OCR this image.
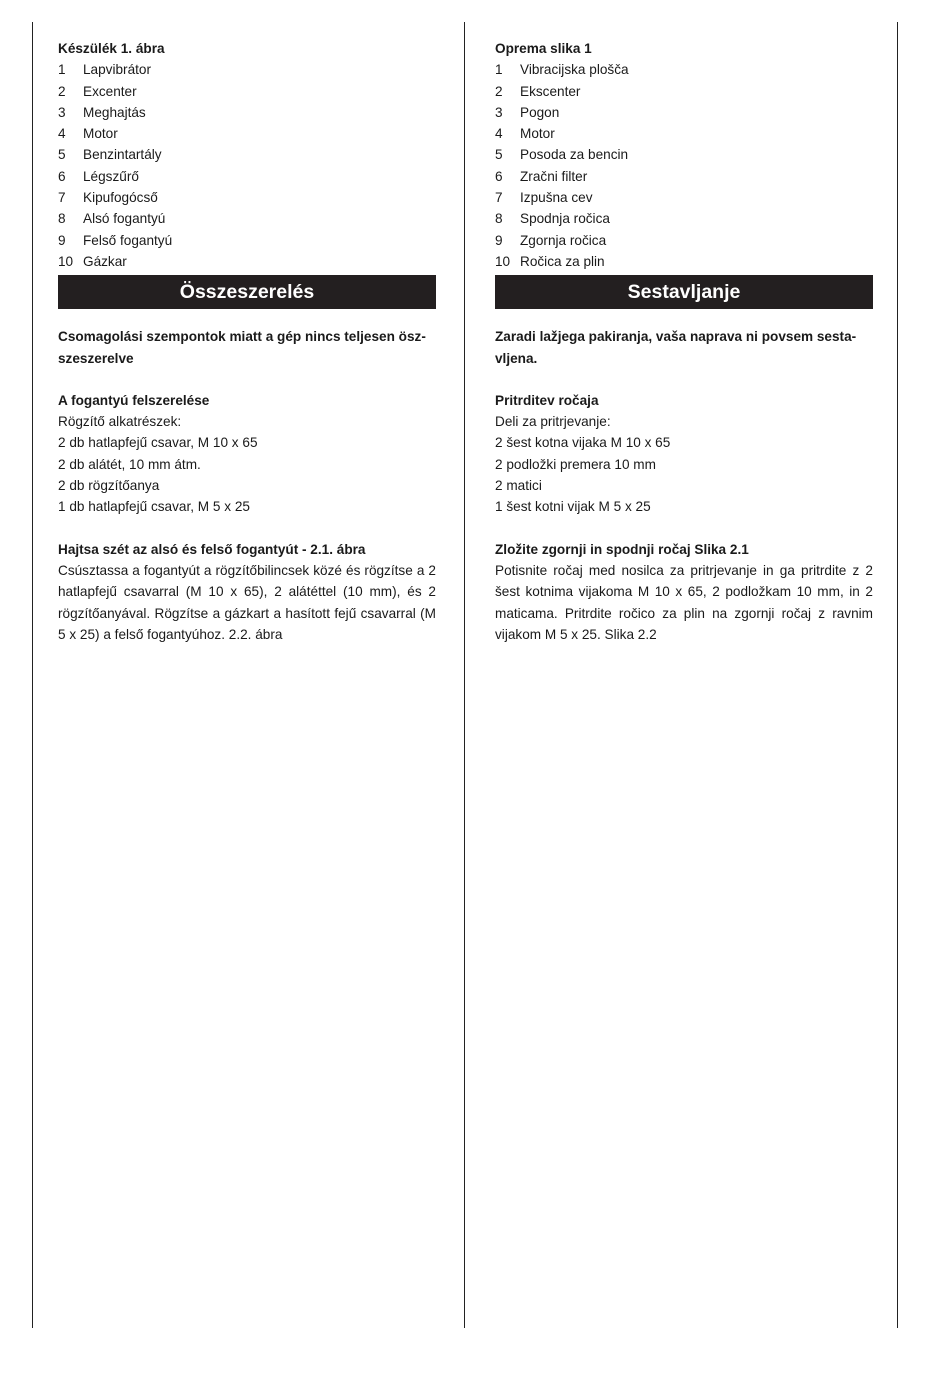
Készülék 1. ábra
1	Lapvibrátor
2	Excenter
3	Meghajtás
4	Motor
5	Benzintartály
6	Légszűrő
7	Kipufogócső
8	Alsó fogantyú
9	Felső fogantyú
10 Gázkar
Összeszerelés
Csomagolási szempontok miatt a gép nincs teljesen ösz-
szeszerelve
A fogantyú felszerelése
Rögzítő alkatrészek:
2 db hatlapfejű csavar, M 10 x 65
2 db alátét, 10 mm átm.
2 db rögzítőanya
1 db hatlapfejű csavar, M 5 x 25
Hajtsa szét az alsó és felső fogantyút - 2.1. ábra

Csúsztassa a fogantyút a rögzítőbilincsek közé és rögzítse a 2 hatlapfejű csavarral (M 10 x 65), 2 alátéttel (10 mm), és 2 rögzítőanyával. Rögzítse a gázkart a hasított fejű csavarral (M 5 x 25) a felső fogantyúhoz. 2.2. ábra

Oprema slika 1
1	Vibracijska plošča
2	Ekscenter
3	Pogon
4	Motor
5	Posoda za bencin
6	Zračni filter
7	Izpušna cev
8	Spodnja ročica
9	Zgornja ročica
10 Ročica za plin
Sestavljanje
Zaradi lažjega pakiranja, vaša naprava ni povsem sesta-
vljena.
Pritrditev ročaja
Deli za pritrjevanje:
2 šest kotna vijaka M 10 x 65
2 podložki premera 10 mm
2 matici
1 šest kotni vijak M 5 x 25
Zložite zgornji in spodnji ročaj Slika 2.1

Potisnite ročaj med nosilca za pritrjevanje in ga pritrdite z 2 šest kotnima vijakoma M 10 x 65, 2 podložkam 10 mm, in 2 maticama. Pritrdite ročico za plin na zgornji ročaj z ravnim vijakom M 5 x 25. Slika 2.2
